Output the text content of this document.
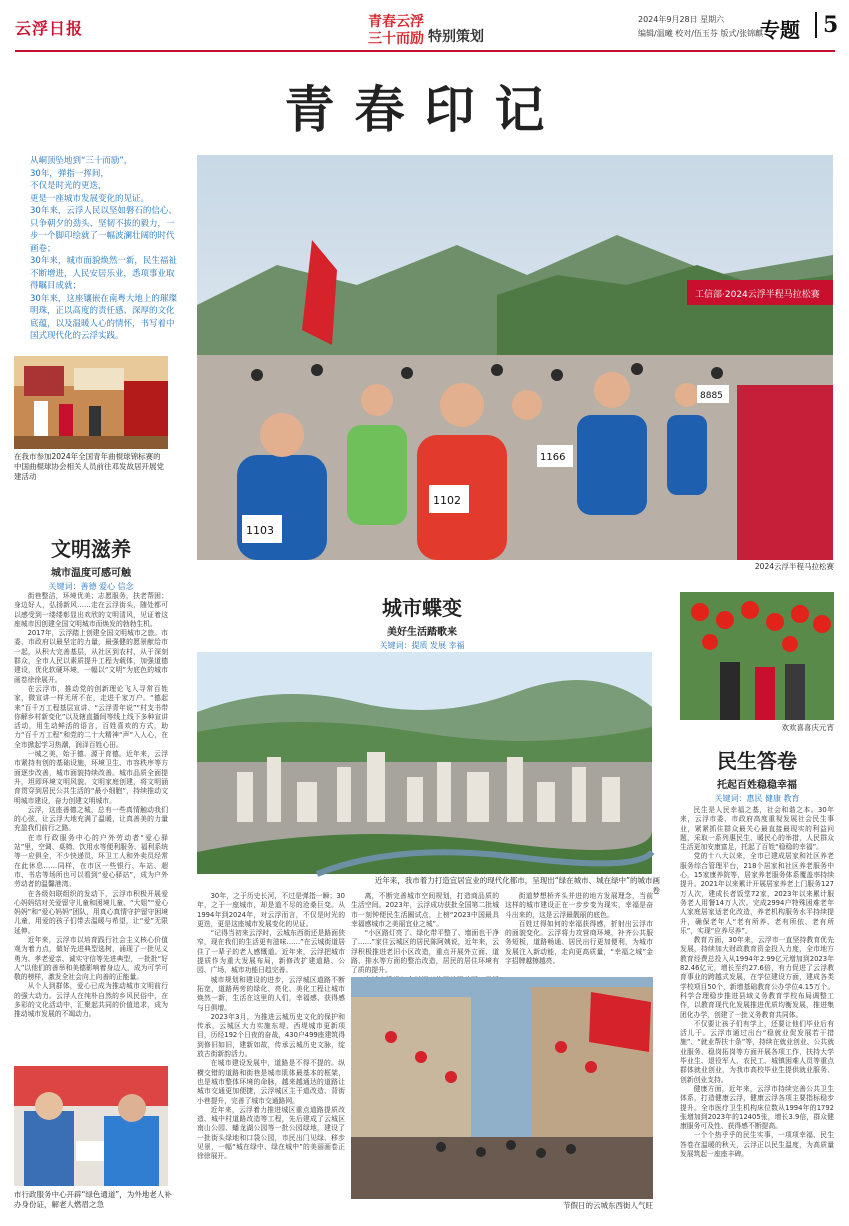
云浮日报	青春云浮
三十而励 特别策划
2024年9月28日 星期六
编辑/温曦 校对/伍玉芬 版式/张锦麒
专题	5
青春印记

从峒顶坠地到“三十而励”，

30年，弹指一挥间，

不仅是时光的更迭，

更是一座城市发展变化的见证。

30年来，云浮人民以坚如磐石的信心、只争朝夕的劲头、坚韧不拔的毅力，一步一个脚印绘就了一幅波澜壮阔的时代画卷；

30年来，城市面貌焕然一新，民生福祉不断增进，人民安居乐业，悉项事业取得瞩目成就；

30年来，这座镶嵌在南粤大地上的璀璨明珠，正以高度的责任感、深厚的文化底蕴，以及温暖人心的情怀，书写着中国式现代化的云浮实践。

工信部·2024云浮半程马拉松赛
1102
1103
1166
8885
2024云浮半程马拉松赛
在我市参加2024年全国青年曲棍球锦标赛的中国曲棍球协会相关人员前往邓发故居开展党建活动
文明滋养
城市温度可感可触
关键词：善德 爱心 信念

街巷整洁，环境优美；志愿服务，扶老帮困；身边好人，弘扬新风……走在云浮街头，随处都可以感受到一缕缕彰显出欢欣的文明清风，见证着这座城市因创建全国文明城市而焕发的勃勃生机。

2017年，云浮踏上创建全国文明城市之旅。市委、市政府以最坚定的力量，最强健的愿景献给市一起，从积大完善基层，从社区到农村，从于深刻群众，全市人民以素质提升工程为载体，加强道德建设，优化软硬环境，一幅以“文明”为底色的城市画卷徐徐展开。

在云浮市，推动党的创新理论飞入寻常百姓家，微宣讲一样无所不在，走进千家万户。“德起来”百千万工程基层宣讲、“云浮青年说”“村支书带你解乡村新变化”以及辖直播间等线上线下多种宣讲活动，用生动鲜活的语言，百姓喜欢的方式，助力“百千万工程”和党的二十大精神“声”入人心，在全市掀起学习热潮，润泽百姓心田。

一城之美，始于德、源于育德。近年来，云浮市紧持有创的基础设施，环境卫生、市容秩序等方面逐步改善，城市面貌持续改善。城市品质全面提升，坦即环境文明风貌、文明家庭创建，将文明涵育贯穿到居民公共生活的“最小细胞”，持续推动文明城市建设，奋力创建文明城市。

云浮，这座善德之城，总有一些真情触动我们的心弦，让云浮大地充满了温暖，让真善美的力量充盈我们前行之路。

在市行政服务中心的户外劳动者“爱心驿站”里，空调、桌椅、饮用水等便利服务、福利系统等一应俱全，不少快递员、环卫工人和外卖员经常在此休息……同样，在市区一些银行、车站、超市、书店等场所也可以看到“爱心驿站”，成为户外劳动者的温馨港湾。

在各级妇联组织的发动下，云浮市积极开展爱心妈妈结对关爱留守儿童和困境儿童、“大姐”“爱心妈妈”和“爱心妈妈”团队，用真心真情守护留守困境儿童，用爱的孩子们带去温暖与希望，让“爱”无限延伸。

近年来，云浮市以培育践行社会主义核心价值观为着力点，做好先进典型选树，涌现了一批见义勇为、孝老爱亲、诚实守信等先进典型，一批批“好人”以他们的善举和美德影响着身边人，成为可学可敬的榜样，激发全社会向上向善的正能量。

从个人到群体，爱心已成为推动城市文明前行的强大动力。云浮人在纯朴自然的乡风民俗中，在多彩的文化活动中，汇聚起共同的价值追求，成为推动城市发展的不竭动力。

市行政服务中心开辟“绿色通道”，为外地老人补办身份证，解老人燃眉之急
城市蝶变
美好生活踏歌来
关键词：提质 发展 幸福
近年来，我市着力打造宜居宜业的现代化都市，呈现出“绿在城市、城在绿中”的城市画卷

30年，之于历史长河，不过是弹指一瞬；30年，之于一座城市，却是道不尽的沧桑巨变。从1994年到2024年，对云浮而言，不仅是时光的更迭，更是这座城市发展变化的见证。

“记得当初来云浮时，云城东西街还是路面狭窄，现在我们的生活更有滋味……”在云城街道居住了一辈子的老人感慨道。近年来，云浮把城市提质作为重大发展布局，新修改扩建道路、公园、广场，城市功能日趋完善。

城市规划和建设的进步，云浮城区道路不断拓宽，道路两旁的绿化、亮化、美化工程让城市焕然一新，生活在这里的人们，幸福感、获得感与日俱增。

2023年3月，为推进云城历史文化的保护和传承，云城区大力实施东堤、西堤城市更新项目，历经192个日夜的奋战，430户499座建筑得到修旧如旧，建新如故，传承云城历史文脉，绽放古街新韵活力。

在城市建设发展中，道路是不得不提的。纵横交错的道路和街巷是城市肌体最基本的框架，也是城市整体环境的命脉，越来越通达的道路让城市交通更加便捷，云浮城区主干道改造、背街小巷提升，完善了城市交通路网。

近年来，云浮着力推进城区重点道路提质改造、城中村道路改造等工程，先后建成了云城区南山公园、蟠龙湖公园等一批公园绿地，建设了一批街头绿地和口袋公园，市民出门见绿、移步见景，一幅“城在绿中、绿在城中”的美丽画卷正徐徐展开。

离，不断完善城市空间规划，打造商品质的生活空间。2023年，云浮成功获批全国第二批城市一刻钟便民生活圈试点，上榜“2023中国最具幸福感城市之美丽宜业之城”。

“小区路灯亮了、绿化带平整了、墙面也干净了……”家住云城区的居民陈阿姨说，近年来，云浮积极推进老旧小区改造，重点开展外立面、道路、排水等方面的整治改造，居民的居住环境有了质的提升。

街道梦想桥齐头并进的地方发展理念，当前这样的城市建设正在一步步变为现实，幸福是奋斗出来的，这是云浮最靓丽的底色。

百姓过得如何的幸福获得感，折射出云浮市的面貌变化。云浮将力攻营商环境，补齐公共服务短板，道路畅通、居民出行更加便利，为城市发展注入新动能，走向更高质量，“幸福之城”金字招牌越擦越亮。

节假日的云城东西街人气旺
欢欢喜喜庆元宵
民生答卷
托起百姓稳稳幸福
关键词：惠民 健康 教育

民生是人民幸福之基，社会和谐之本。30年来，云浮市委、市政府高度重视发展社会民生事业，紧紧抓住群众最关心最直接最现实的利益问题，采取一系列惠民生、暖民心的举措，人民群众生活更加安康富足，托起了百姓“稳稳的幸福”。

党的十八大以来，全市已建成居家和社区养老服务综合管理平台，218个居家和社区养老服务中心，15家康养院等，居家养老服务体系覆盖率持续提升。2021年以来累计开展居家养老上门服务127万人次，建成长者饭堂72家，2023年以来累计服务老人用餐14万人次。完成2994户特殊困难老年人家庭居家适老化改造，养老机构服务水平持续提升，确保老年人“老有所养、老有所依、老有所乐”，实现“应养尽养”。

教育方面，30年来，云浮市一直坚持教育优先发展，持续加大财政教育资金投入力度，全市地方教育经费总投入从1994年2.99亿元增加到2023年82.46亿元，增长至约27.6倍，有力促进了云浮教育事业的跨越式发展，在学位建设方面，建成各类学校项目50个，新增基础教育公办学位4.15万个。科学合理稳步推进县域义务教育学校布局调整工作，以教育现代化发展推进优质均衡发展，推进集团化办学，创建了一批义务教育共同体。

不仅要让孩子们有学上，还要让他们毕业后有活儿干。云浮市通过出台“稳就业促发展若干措施”、“就业帮扶十条”等，持续在就业创业、公共就业服务、稳岗拓岗等方面开展各项工作，扶持大学毕业生、退役军人、农民工、城镇困难人员等重点群体就业创业，为我市高校毕业生提供就业服务、创新创业支持。

健康方面，近年来，云浮市持续完善公共卫生体系，打造健康云浮，健康云浮各项主要指标稳步提升。全市医疗卫生机构床位数从1994年的1792张增加到2023年的12405张，增长3.9倍，群众健康服务可及性、获得感不断提高。

一个个热乎乎的民生实事，一项项幸福、民生答卷在温暖的秋天，云浮正以民生温度，为高质量发展筑起一座座丰碑。
